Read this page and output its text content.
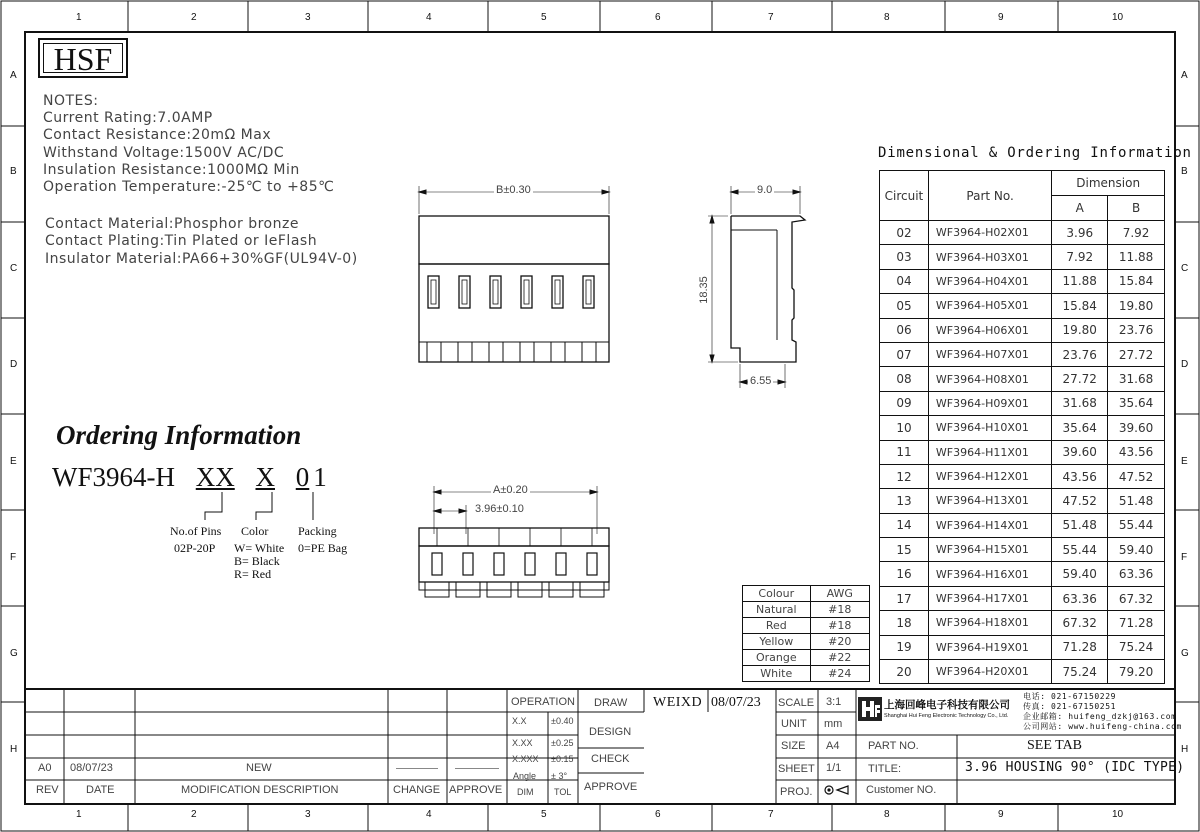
1	2	3	4	5	6	7	8	9	10
1	2	3	4	5	6	7	8	9	10
A
B
C
D
E
F
G
H
A
B
C
D
E
F
G
H
HSF
NOTES:
Current Rating:7.0AMP
Contact Resistance:20mΩ Max
Withstand Voltage:1500V AC/DC
Insulation Resistance:1000MΩ Min
Operation Temperature:-25℃ to +85℃
Contact Material:Phosphor bronze
Contact Plating:Tin Plated or IeFlash
Insulator Material:PA66+30%GF(UL94V-0)
Ordering Information
WF3964-H XX X 0 1
No.of Pins
02P-20P
Color
W= White
B= Black
R= Red
Packing
0=PE Bag
B±0.30	9.0
18.35
6.55
A±0.20
3.96±0.10
Dimensional & Ordering Information
Circuit	Part No.	Dimension	
		A	B
02	WF3964-H02X01	3.96	7.92
03	WF3964-H03X01	7.92	11.88
04	WF3964-H04X01	11.88	15.84
05	WF3964-H05X01	15.84	19.80
06	WF3964-H06X01	19.80	23.76
07	WF3964-H07X01	23.76	27.72
08	WF3964-H08X01	27.72	31.68
09	WF3964-H09X01	31.68	35.64
10	WF3964-H10X01	35.64	39.60
11	WF3964-H11X01	39.60	43.56
12	WF3964-H12X01	43.56	47.52
13	WF3964-H13X01	47.52	51.48
14	WF3964-H14X01	51.48	55.44
15	WF3964-H15X01	55.44	59.40
16	WF3964-H16X01	59.40	63.36
17	WF3964-H17X01	63.36	67.32
18	WF3964-H18X01	67.32	71.28
19	WF3964-H19X01	71.28	75.24
20	WF3964-H20X01	75.24	79.20
Colour	AWG
Natural	#18
Red	#18
Yellow	#20
Orange	#22
White	#24
A0 08/07/23	NEW
REV DATE	MODIFICATION DESCRIPTION	CHANGE APPROVE
OPERATION
X.X	±0.40
X.XX ±0.25
X.XXX ±0.15
Angle ± 3°
DIM TOL
DRAW
DESIGN
CHECK
APPROVE
WEIXD 08/07/23 SCALE 3:1
UNIT mm
SIZE A4
SHEET 1/1
PROJ.
上海回峰电子科技有限公司
Shanghai Hui Feng Electronic Technology Co., Ltd.
电话: 021-67150229
传真: 021-67150251
企业邮箱: huifeng_dzkj@163.com
公司网站: www.huifeng-china.com
PART NO.	SEE TAB
TITLE:	3.96 HOUSING 90° (IDC TYPE)
Customer NO.
